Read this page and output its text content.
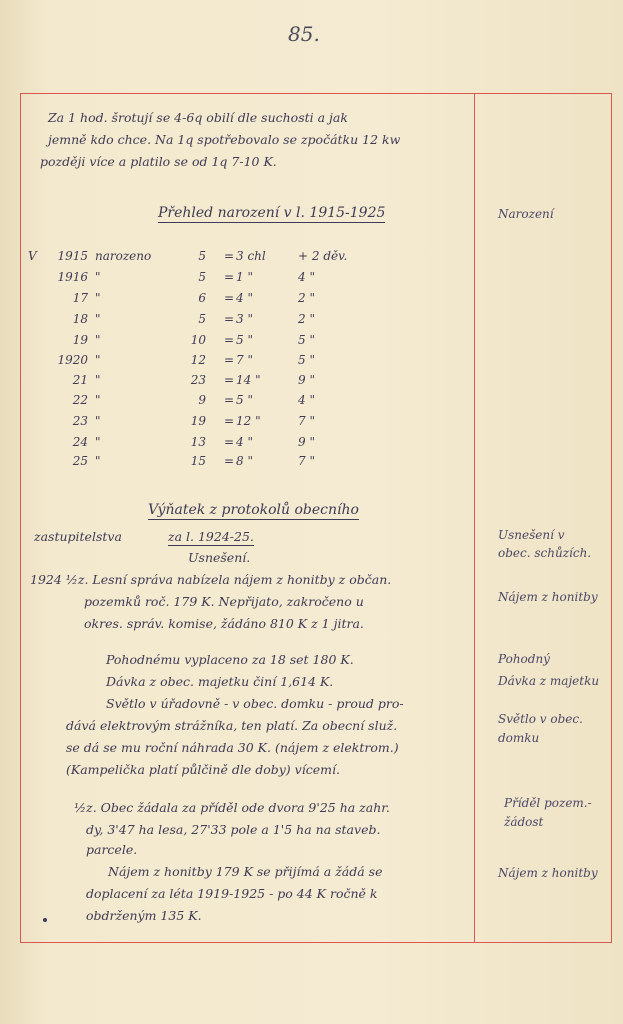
85.
Za 1 hod. šrotují se 4-6q obilí dle suchosti a jak
jemně kdo chce. Na 1q spotřebovalo se zpočátku 12 kw
později více a platilo se od 1q 7-10 K.
Přehled narození v l. 1915-1925	Narození
V	1915 narozeno	5 = 3 chl	+ 2 děv.
1916 "	5 = 1 "	4 "
17 "	6 = 4 "	2 "
18 "	5 = 3 "	2 "
19 "	10 = 5 "	5 "
1920 "	12 = 7 "	5 "
21 "	23 = 14 "	9 "
22 "	9 = 5 "	4 "
23 "	19 = 12 "	7 "
24 "	13 = 4 "	9 "
25 "	15 = 8 "	7 "
Výňatek z protokolů obecního
zastupitelstva	za l. 1924-25.
Usnešení.
1924 ½z. Lesní správa nabízela nájem z honitby z občan.
pozemků roč. 179 K. Nepřijato, zakročeno u
okres. správ. komise, žádáno 810 K z 1 jitra.
Pohodnému vyplaceno za 18 set 180 K.
Dávka z obec. majetku činí 1,614 K.
Světlo v úřadovně - v obec. domku - proud pro-
dává elektrovým strážníka, ten platí. Za obecní služ.
se dá se mu roční náhrada 30 K. (nájem z elektrom.)
(Kampelička platí půlčině dle doby) vícemí.
½z. Obec žádala za příděl ode dvora 9'25 ha zahr.
dy, 3'47 ha lesa, 27'33 pole a 1'5 ha na staveb.
parcele.
Nájem z honitby 179 K se přijímá a žádá se
doplacení za léta 1919-1925 - po 44 K ročně k
obdrženým 135 K.
Usnešení v
obec. schůzích.
Nájem z honitby
Pohodný
Dávka z majetku
Světlo v obec.
domku
Příděl pozem.-
žádost
Nájem z honitby
